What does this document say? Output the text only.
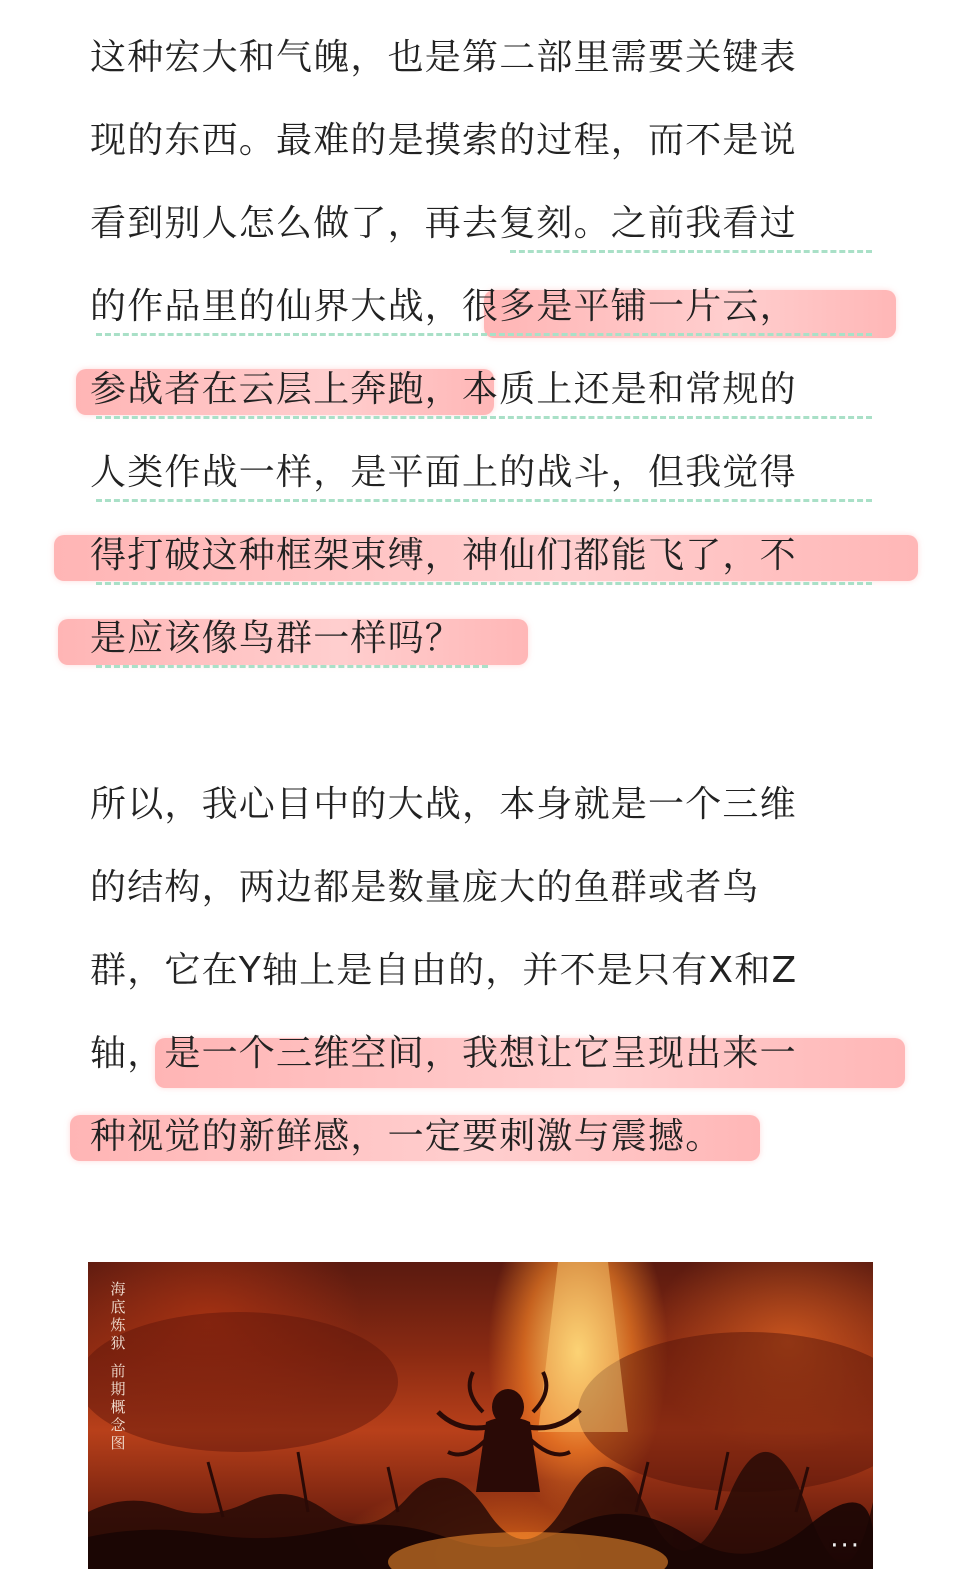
这种宏大和气魄，也是第二部里需要关键表
现的东西。最难的是摸索的过程，而不是说
看到别人怎么做了，再去复刻。之前我看过
的作品里的仙界大战，很多是平铺一片云，
参战者在云层上奔跑，本质上还是和常规的
人类作战一样，是平面上的战斗，但我觉得
得打破这种框架束缚，神仙们都能飞了，不
是应该像鸟群一样吗？
所以，我心目中的大战，本身就是一个三维
的结构，两边都是数量庞大的鱼群或者鸟
群，它在Y轴上是自由的，并不是只有X和Z
轴，是一个三维空间，我想让它呈现出来一
种视觉的新鲜感，一定要刺激与震撼。
海底炼狱
前期概念图
···
